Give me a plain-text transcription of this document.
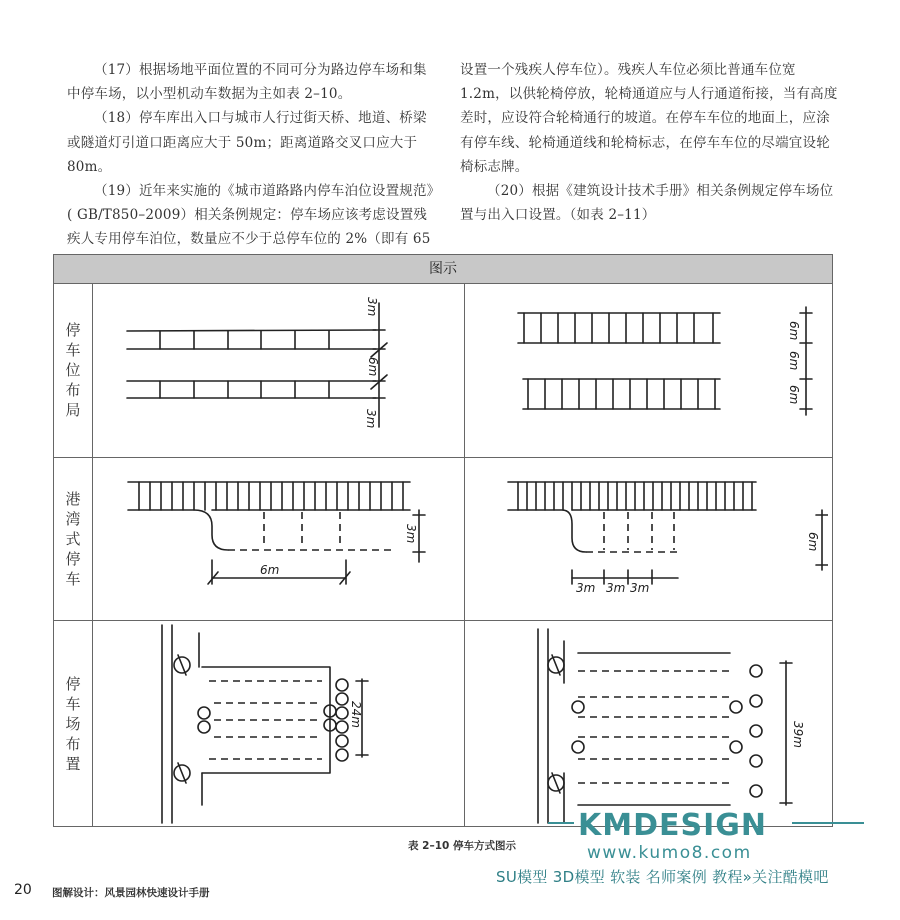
（17）根据场地平面位置的不同可分为路边停车场和集中停车场，以小型机动车数据为主如表 2–10。

（18）停车库出入口与城市人行过街天桥、地道、桥梁或隧道灯引道口距离应大于 50m；距离道路交叉口应大于 80m。

（19）近年来实施的《城市道路路内停车泊位设置规范》( GB/T850–2009）相关条例规定：停车场应该考虑设置残疾人专用停车泊位，数量应不少于总停车位的 2%（即有 65

设置一个残疾人停车位）。残疾人车位必须比普通车位宽 1.2m，以供轮椅停放，轮椅通道应与人行通道衔接，当有高度差时，应设符合轮椅通行的坡道。在停车车位的地面上，应涂有停车线、轮椅通道线和轮椅标志，在停车车位的尽端宜设轮椅标志牌。

（20）根据《建筑设计技术手册》相关条例规定停车场位置与出入口设置。（如表 2–11）

图示
停车位布局
港湾式停车
停车场布置
3m
6m
3m
6m
6m
6m
6m
3m
3m 3m 3m
6m
24m
39m
表 2–10 停车方式图示
KMDESIGN
www.kumo8.com
SU模型 3D模型 软装 名师案例 教程»关注酷模吧
20 图解设计：风景园林快速设计手册
